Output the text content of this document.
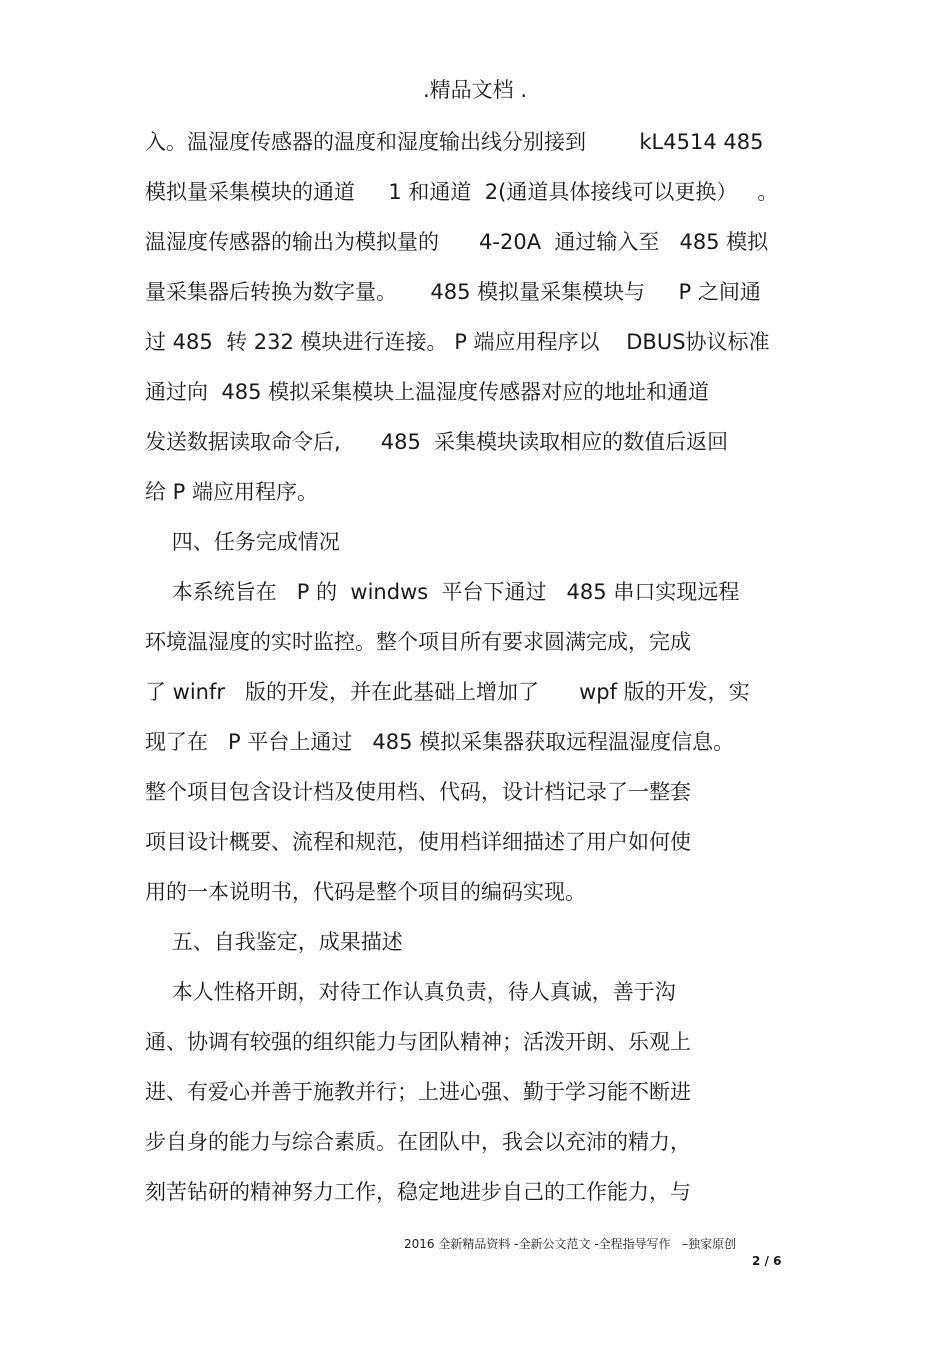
.精品文档 .
入。温湿度传感器的温度和湿度输出线分别接到        kL4514 485
模拟量采集模块的通道     1 和通道  2(通道具体接线可以更换）   。
温湿度传感器的输出为模拟量的      4-20A  通过输入至   485 模拟
量采集器后转换为数字量。     485 模拟量采集模块与     P 之间通
过 485  转 232 模块进行连接。 P 端应用程序以    DBUS协议标准
通过向  485 模拟采集模块上温湿度传感器对应的地址和通道
发送数据读取命令后,      485  采集模块读取相应的数值后返回
给 P 端应用程序。
四、任务完成情况
本系统旨在   P 的  windws  平台下通过   485 串口实现远程
环境温湿度的实时监控。整个项目所有要求圆满完成，完成
了 winfr   版的开发，并在此基础上增加了      wpf 版的开发，实
现了在   P 平台上通过   485 模拟采集器获取远程温湿度信息。
整个项目包含设计档及使用档、代码，设计档记录了一整套
项目设计概要、流程和规范，使用档详细描述了用户如何使
用的一本说明书，代码是整个项目的编码实现。
五、自我鉴定，成果描述
本人性格开朗，对待工作认真负责，待人真诚，善于沟
通、协调有较强的组织能力与团队精神；活泼开朗、乐观上
进、有爱心并善于施教并行；上进心强、勤于学习能不断进
步自身的能力与综合素质。在团队中，我会以充沛的精力，
刻苦钻研的精神努力工作，稳定地进步自己的工作能力，与
2016 全新精品资料 -全新公文范文 -全程指导写作   –独家原创
2 / 6
